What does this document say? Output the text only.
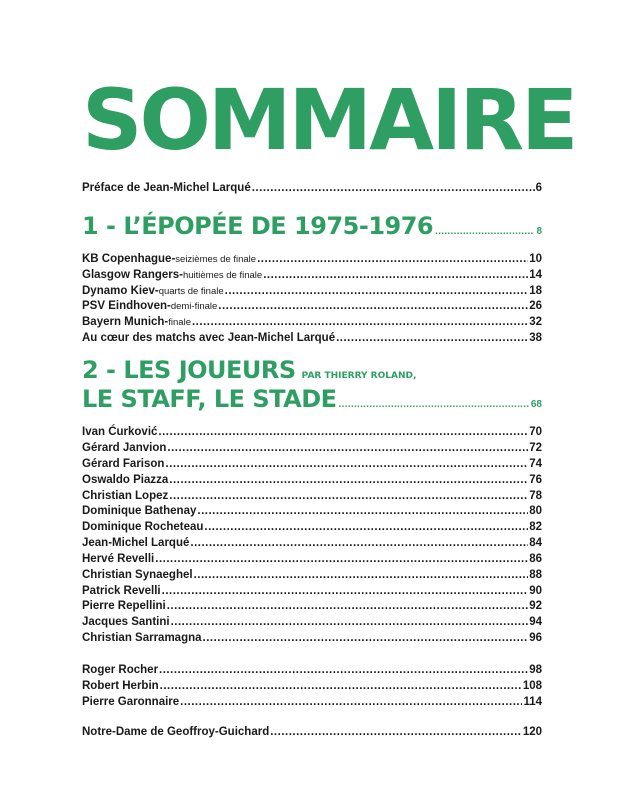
SOMMAIRE
Préface de Jean-Michel Larqué .....	6
1 - L’ÉPOPÉE DE 1975-1976 .....	8
KB Copenhague- seizièmes de finale .....	10
Glasgow Rangers- huitièmes de finale .....	14
Dynamo Kiev- quarts de finale .....	18
PSV Eindhoven- demi-finale .....	26
Bayern Munich- finale .....	32
Au cœur des matchs avec Jean-Michel Larqué .....	38
2 - LES JOUEURS PAR THIERRY ROLAND,
LE STAFF, LE STADE .....	68
Ivan Ćurković .....	70
Gérard Janvion .....	72
Gérard Farison .....	74
Oswaldo Piazza .....	76
Christian Lopez .....	78
Dominique Bathenay .....	80
Dominique Rocheteau .....	82
Jean-Michel Larqué .....	84
Hervé Revelli .....	86
Christian Synaeghel .....	88
Patrick Revelli .....	90
Pierre Repellini .....	92
Jacques Santini .....	94
Christian Sarramagna .....	96
Roger Rocher .....	98
Robert Herbin .....	108
Pierre Garonnaire .....	114
Notre-Dame de Geoffroy-Guichard .....	120
